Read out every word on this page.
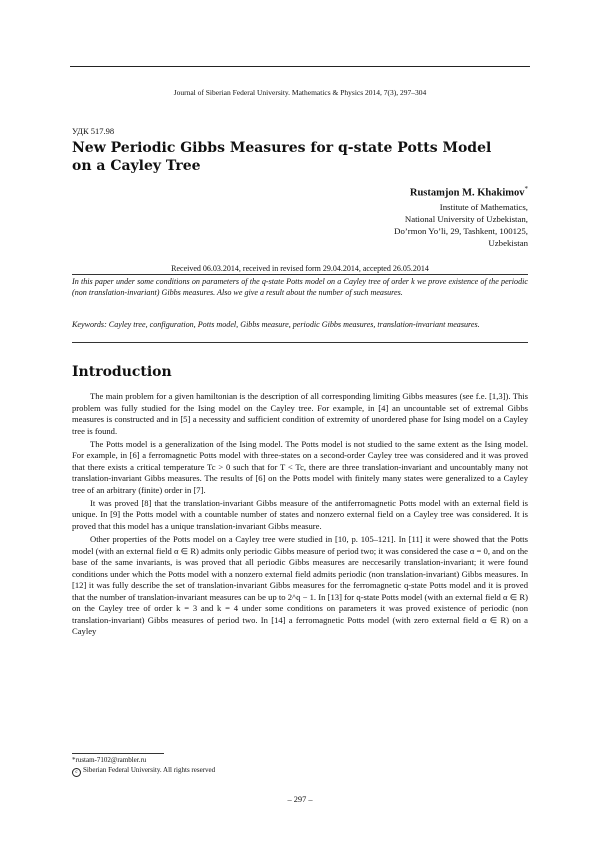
Journal of Siberian Federal University. Mathematics & Physics 2014, 7(3), 297–304
УДК 517.98
New Periodic Gibbs Measures for q-state Potts Model
on a Cayley Tree
Rustamjon M. Khakimov*
Institute of Mathematics,
National University of Uzbekistan,
Do’rmon Yo’li, 29, Tashkent, 100125,
Uzbekistan
Received 06.03.2014, received in revised form 29.04.2014, accepted 26.05.2014
In this paper under some conditions on parameters of the q-state Potts model on a Cayley tree of order k we prove existence of the periodic (non translation-invariant) Gibbs measures. Also we give a result about the number of such measures.
Keywords: Cayley tree, configuration, Potts model, Gibbs measure, periodic Gibbs measures, translation-invariant measures.
Introduction

The main problem for a given hamiltonian is the description of all corresponding limiting Gibbs measures (see f.e. [1,3]). This problem was fully studied for the Ising model on the Cayley tree. For example, in [4] an uncountable set of extremal Gibbs measures is constructed and in [5] a necessity and sufficient condition of extremity of unordered phase for Ising model on a Cayley tree is found.

The Potts model is a generalization of the Ising model. The Potts model is not studied to the same extent as the Ising model. For example, in [6] a ferromagnetic Potts model with three-states on a second-order Cayley tree was considered and it was proved that there exists a critical temperature Tc > 0 such that for T < Tc, there are three translation-invariant and uncountably many not translation-invariant Gibbs measures. The results of [6] on the Potts model with finitely many states were generalized to a Cayley tree of an arbitrary (finite) order in [7].

It was proved [8] that the translation-invariant Gibbs measure of the antiferromagnetic Potts model with an external field is unique. In [9] the Potts model with a countable number of states and nonzero external field on a Cayley tree was considered. It is proved that this model has a unique translation-invariant Gibbs measure.

Other properties of the Potts model on a Cayley tree were studied in [10, p. 105–121]. In [11] it were showed that the Potts model (with an external field α ∈ R) admits only periodic Gibbs measure of period two; it was considered the case α = 0, and on the base of the same invariants, is was proved that all periodic Gibbs measures are neccesarily translation-invariant; it were found conditions under which the Potts model with a nonzero external field admits periodic (non translation-invariant) Gibbs measures. In [12] it was fully describe the set of translation-invariant Gibbs measures for the ferromagnetic q-state Potts model and it is proved that the number of translation-invariant measures can be up to 2^q − 1. In [13] for q-state Potts model (with an external field α ∈ R) on the Cayley tree of order k = 3 and k = 4 under some conditions on parameters it was proved existence of periodic (non translation-invariant) Gibbs measures of period two. In [14] a ferromagnetic Potts model (with zero external field α ∈ R) on a Cayley

*rustam-7102@rambler.ru
c Siberian Federal University. All rights reserved
– 297 –
